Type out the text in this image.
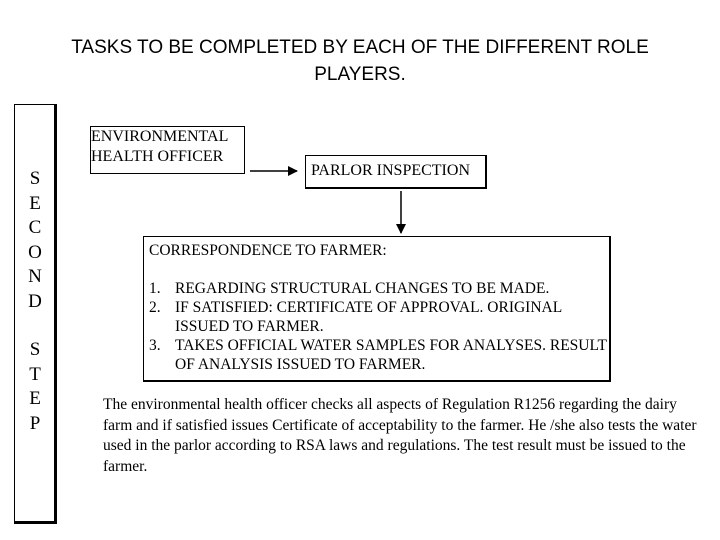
TASKS TO BE COMPLETED BY EACH OF THE DIFFERENT ROLE PLAYERS.
S
E
C
O
N
D
S
T
E
P
ENVIRONMENTAL HEALTH OFFICER
PARLOR INSPECTION
CORRESPONDENCE TO FARMER:
1. REGARDING STRUCTURAL CHANGES TO BE MADE.
2. IF SATISFIED: CERTIFICATE OF APPROVAL. ORIGINAL ISSUED TO FARMER.
3. TAKES OFFICIAL WATER SAMPLES FOR ANALYSES. RESULT OF ANALYSIS ISSUED TO FARMER.
The environmental health officer checks all aspects of Regulation R1256 regarding the dairy farm and if satisfied issues Certificate of acceptability to the farmer. He /she also tests the water used in the parlor according to RSA laws and regulations. The test result must be issued to the farmer.
